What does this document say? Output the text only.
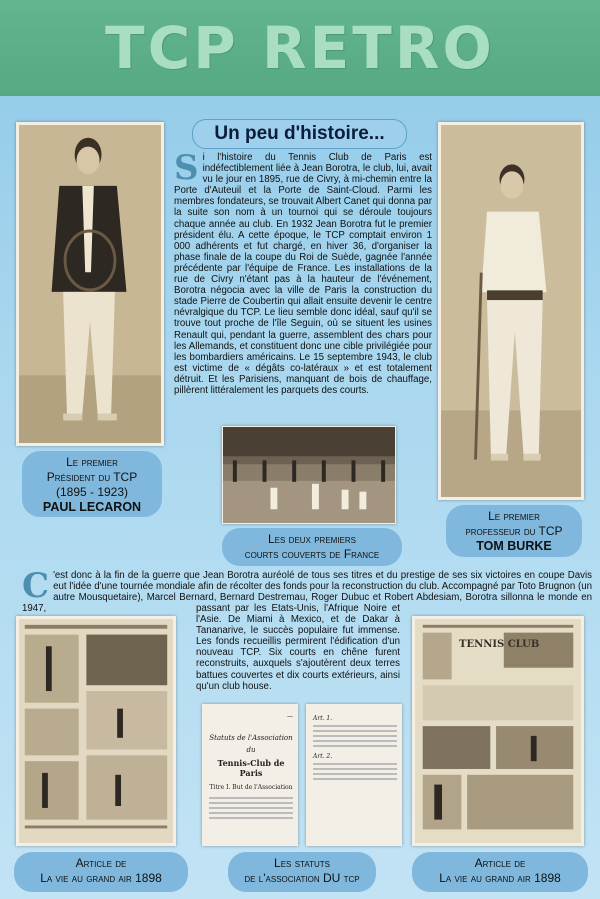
TCP RETRO
Le premier
Président du TCP
(1895 - 1923)
PAUL LECARON
Un peu d'histoire...
S i l'histoire du Tennis Club de Paris est indéfectiblement liée à Jean Borotra, le club, lui, avait vu le jour en 1895, rue de Civry, à mi-chemin entre la Porte d'Auteuil et la Porte de Saint-Cloud. Parmi les membres fondateurs, se trouvait Albert Canet qui donna par la suite son nom à un tournoi qui se déroule toujours chaque année au club. En 1932 Jean Borotra fut le premier président élu. A cette époque, le TCP comptait environ 1 000 adhérents et fut chargé, en hiver 36, d'organiser la phase finale de la coupe du Roi de Suède, gagnée l'année précédente par l'équipe de France. Les installations de la rue de Civry n'étant pas à la hauteur de l'événement, Borotra négocia avec la ville de Paris la construction du stade Pierre de Coubertin qui allait ensuite devenir le centre névralgique du TCP. Le lieu semble donc idéal, sauf qu'il se trouve tout proche de l'île Seguin, où se situent les usines Renault qui, pendant la guerre, assemblent des chars pour les Allemands, et constituent donc une cible privilégiée pour les bombardiers américains. Le 15 septembre 1943, le club est victime de « dégâts co-latéraux » et est totalement détruit. Et les Parisiens, manquant de bois de chauffage, pillèrent littéralement les parquets des courts.
Les deux premiers
courts couverts de France
Le premier
professeur du TCP
TOM BURKE
C 'est donc à la fin de la guerre que Jean Borotra auréolé de tous ses titres et du prestige de ses six victoires en coupe Davis eut l'idée d'une tournée mondiale afin de récolter des fonds pour la reconstruction du club. Accompagné par Toto Brugnon (un autre Mousquetaire), Marcel Bernard, Bernard Destremau, Roger Dubuc et Robert Abdesiam, Borotra sillonna le monde en 1947,	passant par les Etats-Unis, l'Afrique Noire et l'Asie. De Miami à Mexico, et de Dakar à Tananarive, le succès populaire fut immense. Les fonds recueillis permirent l'édification d'un nouveau TCP. Six courts en chêne furent reconstruits, auxquels s'ajoutèrent deux terres battues couvertes et dix courts extérieurs, ainsi qu'un club house.
Article de
La vie au grand air 1898
—
Statuts de l'Association
du
Tennis-Club de Paris
Titre I. But de l'Association
Art. 1.
Art. 2.
Les statuts
de l'association DU tcp
TENNIS CLUB
Article de
La vie au grand air 1898
